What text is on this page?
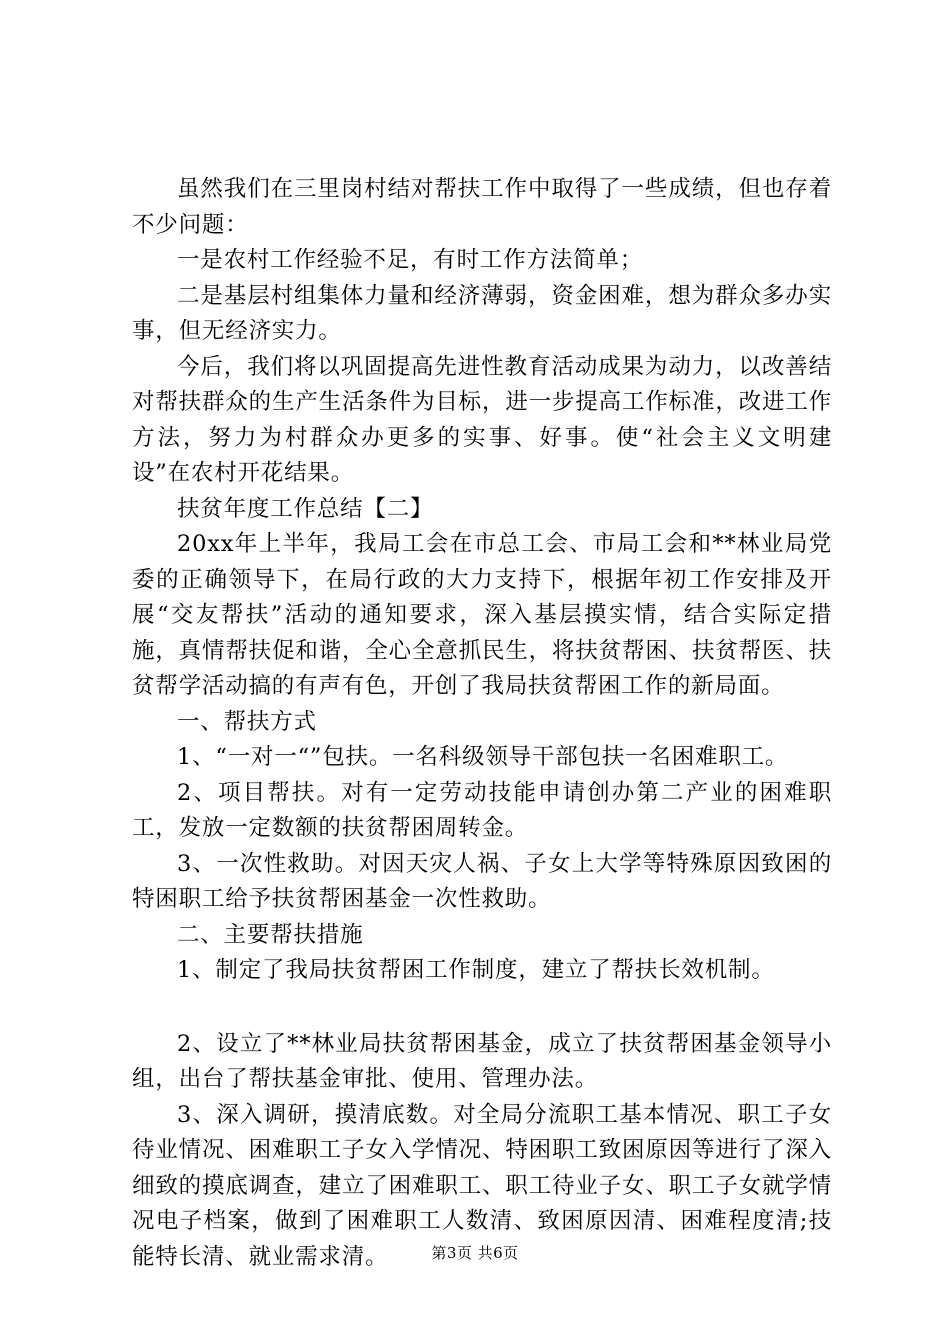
虽然我们在三里岗村结对帮扶工作中取得了一些成绩，但也存着不少问题：

一是农村工作经验不足，有时工作方法简单；

二是基层村组集体力量和经济薄弱，资金困难，想为群众多办实事，但无经济实力。

今后，我们将以巩固提高先进性教育活动成果为动力，以改善结对帮扶群众的生产生活条件为目标，进一步提高工作标准，改进工作方法，努力为村群众办更多的实事、好事。使“社会主义文明建设”在农村开花结果。

扶贫年度工作总结【二】

20xx年上半年，我局工会在市总工会、市局工会和**林业局党委的正确领导下，在局行政的大力支持下，根据年初工作安排及开展“交友帮扶”活动的通知要求，深入基层摸实情，结合实际定措施，真情帮扶促和谐，全心全意抓民生，将扶贫帮困、扶贫帮医、扶贫帮学活动搞的有声有色，开创了我局扶贫帮困工作的新局面。

一、帮扶方式

1、“一对一“”包扶。一名科级领导干部包扶一名困难职工。

2、项目帮扶。对有一定劳动技能申请创办第二产业的困难职工，发放一定数额的扶贫帮困周转金。

3、一次性救助。对因天灾人祸、子女上大学等特殊原因致困的特困职工给予扶贫帮困基金一次性救助。

二、主要帮扶措施

1、制定了我局扶贫帮困工作制度，建立了帮扶长效机制。

2、设立了**林业局扶贫帮困基金，成立了扶贫帮困基金领导小组，出台了帮扶基金审批、使用、管理办法。

3、深入调研，摸清底数。对全局分流职工基本情况、职工子女待业情况、困难职工子女入学情况、特困职工致困原因等进行了深入细致的摸底调查，建立了困难职工、职工待业子女、职工子女就学情况电子档案，做到了困难职工人数清、致困原因清、困难程度清;技能特长清、就业需求清。	第3页 共6页
